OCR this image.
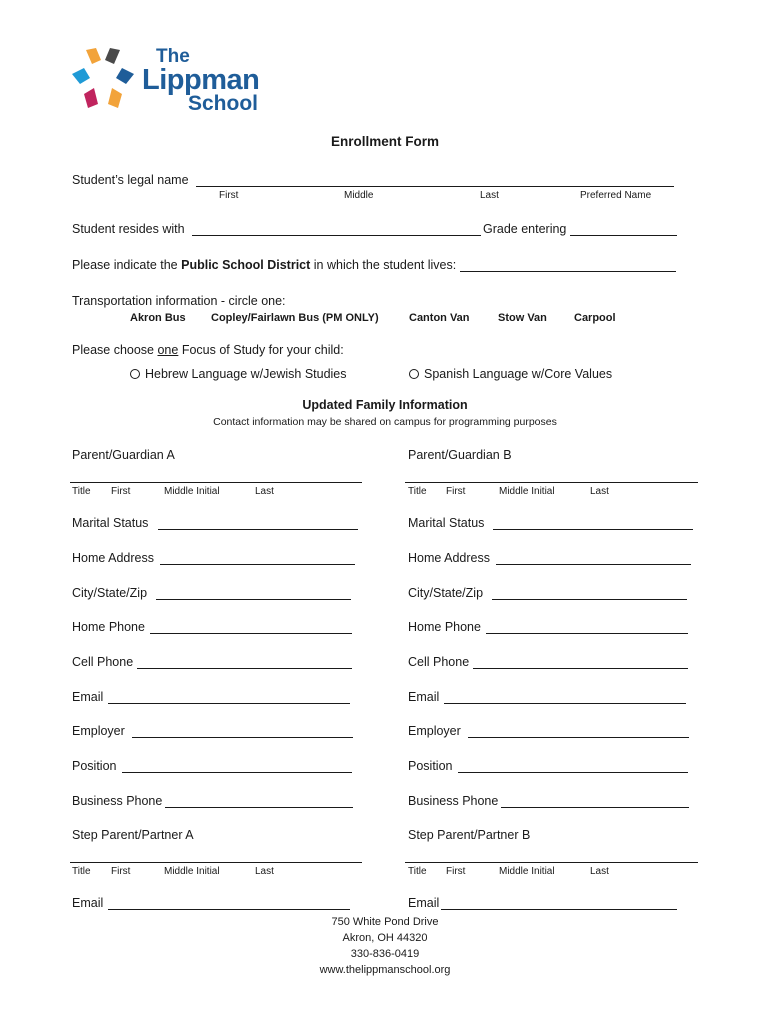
The
Lippman
School
Enrollment Form
Student’s legal name
First	Middle	Last	Preferred Name
Student resides with	Grade entering
Please indicate the Public School District in which the student lives:
Transportation information - circle one:
Akron Bus Copley/Fairlawn Bus (PM ONLY)	Canton Van	Stow Van Carpool
Please choose one Focus of Study for your child:
Hebrew Language w/Jewish Studies	Spanish Language w/Core Values
Updated Family Information
Contact information may be shared on campus for programming purposes
Parent/Guardian A	Parent/Guardian B
Title First	Middle Initial	Last	Title First	Middle Initial	Last
Marital Status
Home Address
City/State/Zip
Home Phone
Cell Phone
Email
Employer
Position
Business Phone
Marital Status
Home Address
City/State/Zip
Home Phone
Cell Phone
Email
Employer
Position
Business Phone
Step Parent/Partner A	Step Parent/Partner B
Title First	Middle Initial	Last	Title First	Middle Initial	Last
Email	Email
750 White Pond Drive
Akron, OH 44320
330-836-0419
www.thelippmanschool.org
